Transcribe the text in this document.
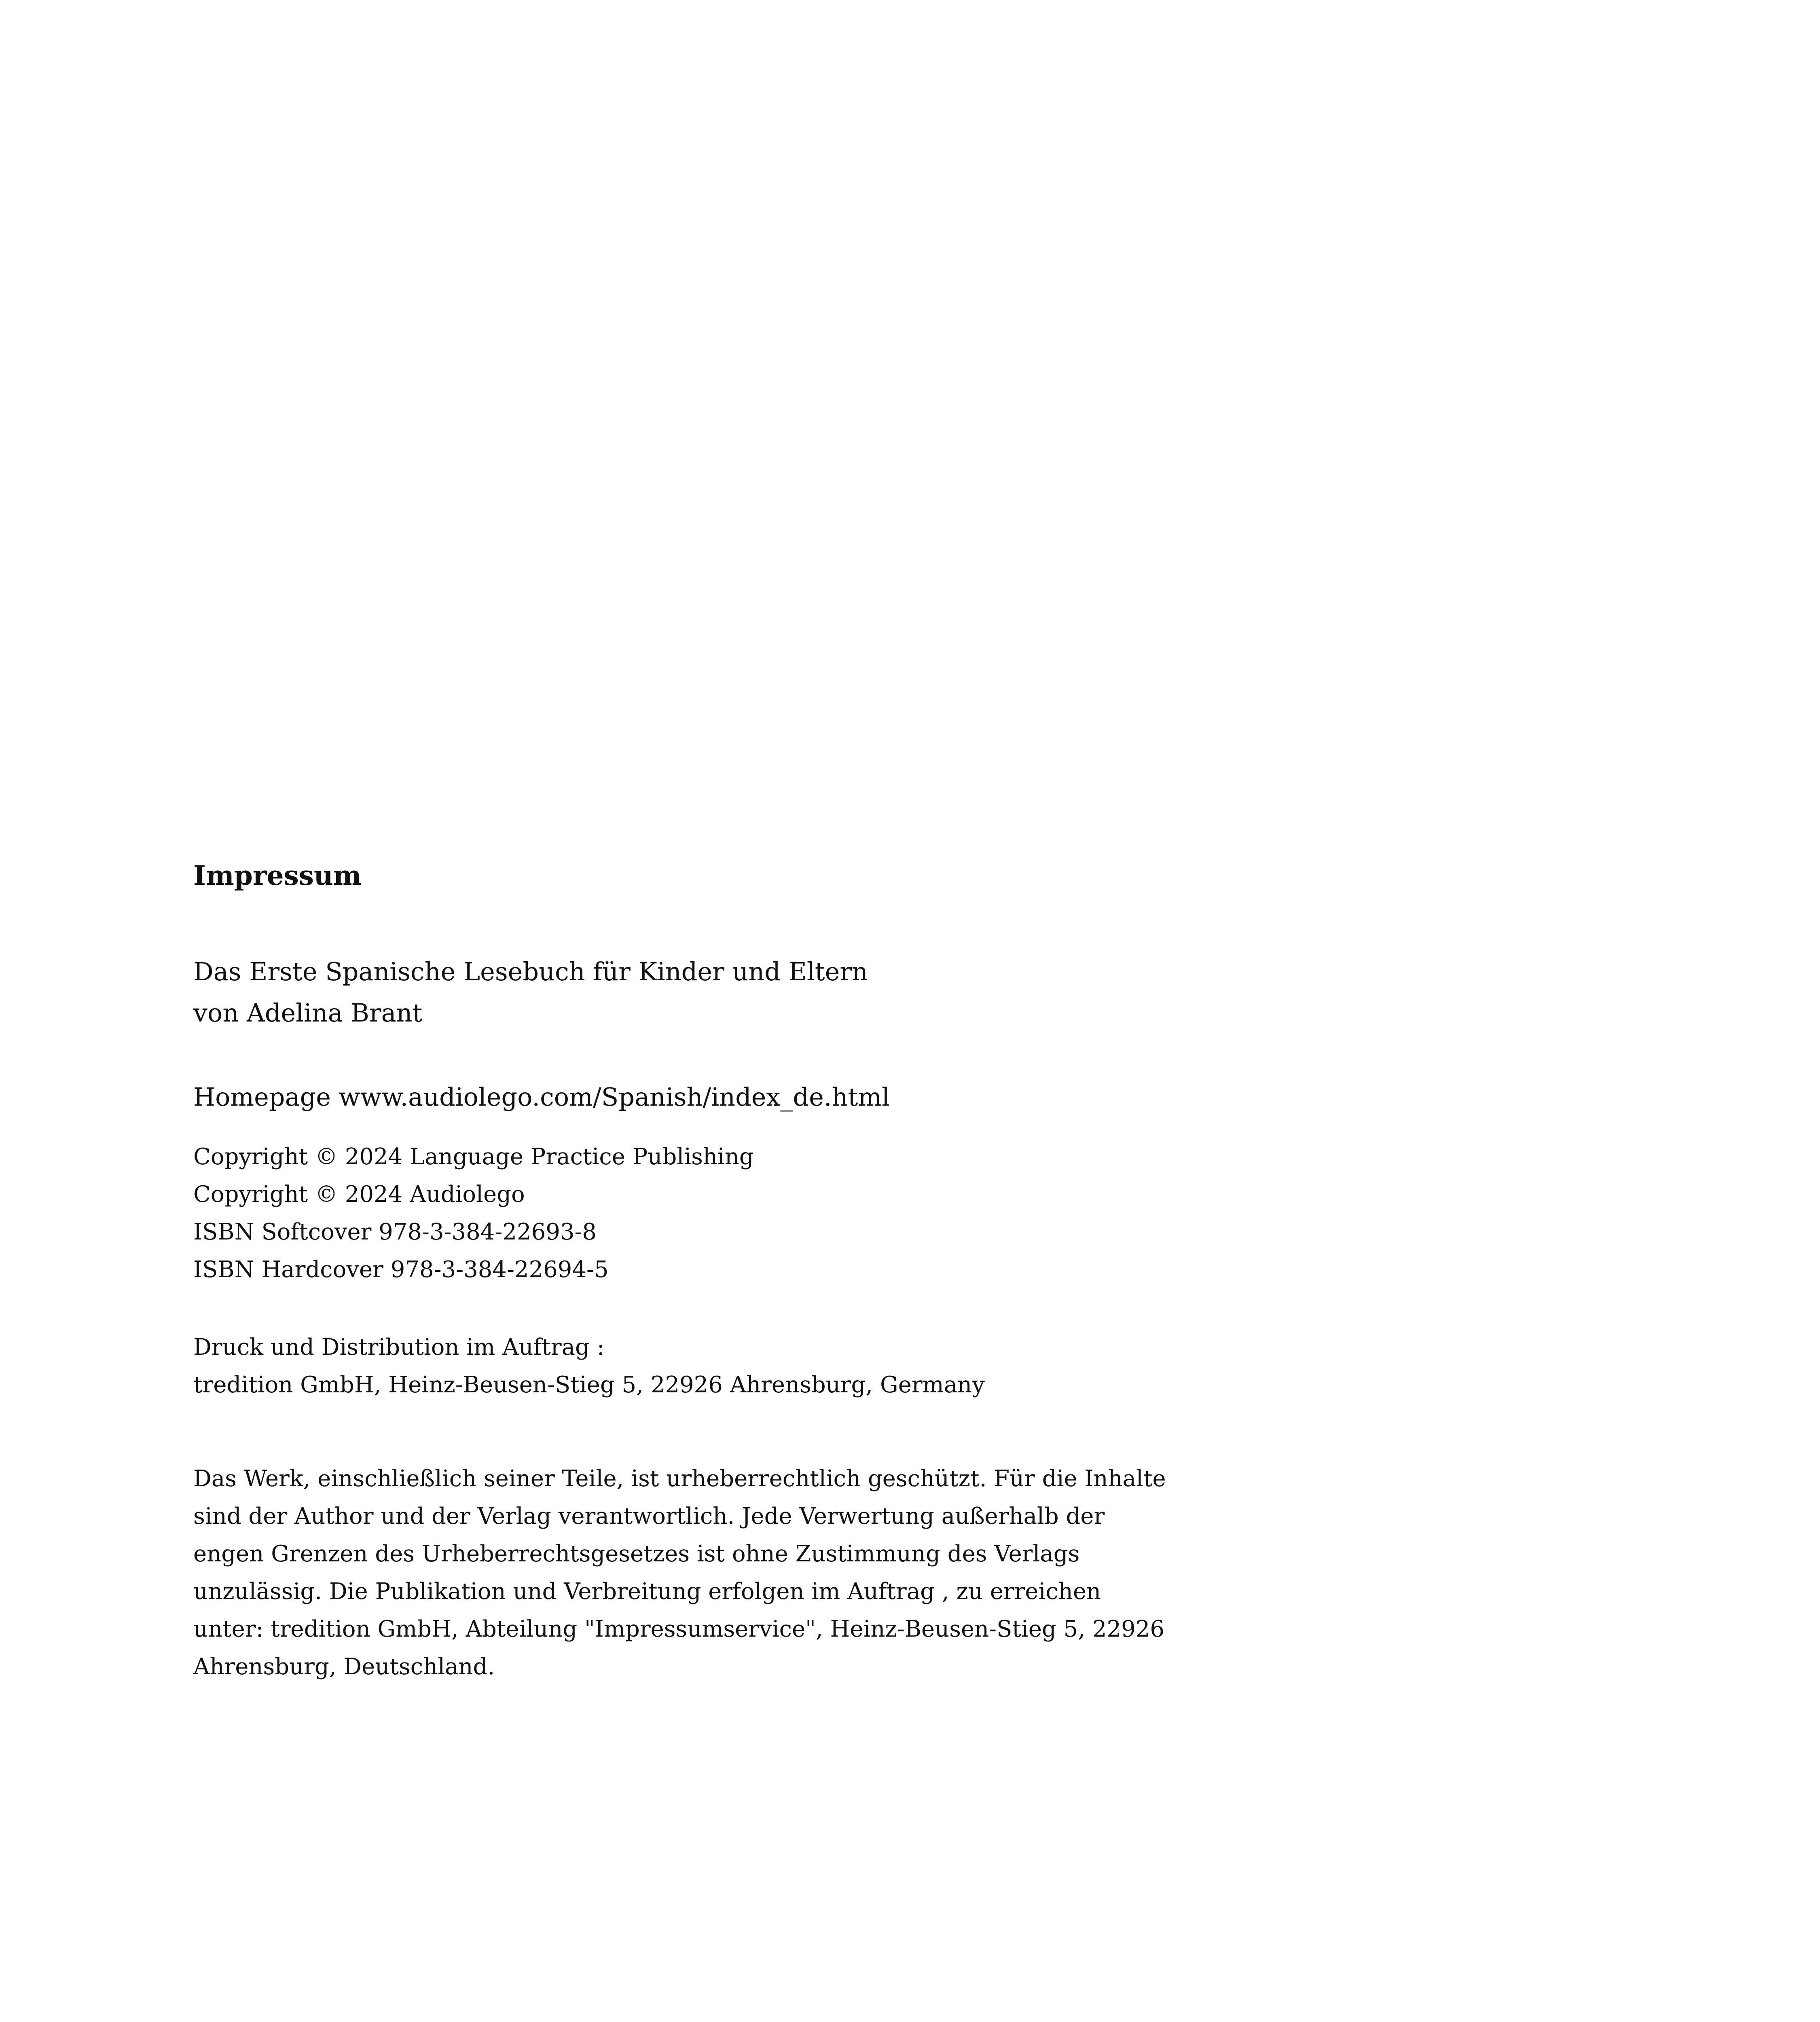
Impressum
Das Erste Spanische Lesebuch für Kinder und Eltern
von Adelina Brant
Homepage www.audiolego.com/Spanish/index_de.html
Copyright © 2024 Language Practice Publishing
Copyright © 2024 Audiolego
ISBN Softcover 978-3-384-22693-8
ISBN Hardcover 978-3-384-22694-5
Druck und Distribution im Auftrag :
tredition GmbH, Heinz-Beusen-Stieg 5, 22926 Ahrensburg, Germany
Das Werk, einschließlich seiner Teile, ist urheberrechtlich geschützt. Für die Inhalte
sind der Author und der Verlag verantwortlich. Jede Verwertung außerhalb der
engen Grenzen des Urheberrechtsgesetzes ist ohne Zustimmung des Verlags
unzulässig. Die Publikation und Verbreitung erfolgen im Auftrag , zu erreichen
unter: tredition GmbH, Abteilung "Impressumservice", Heinz-Beusen-Stieg 5, 22926
Ahrensburg, Deutschland.
